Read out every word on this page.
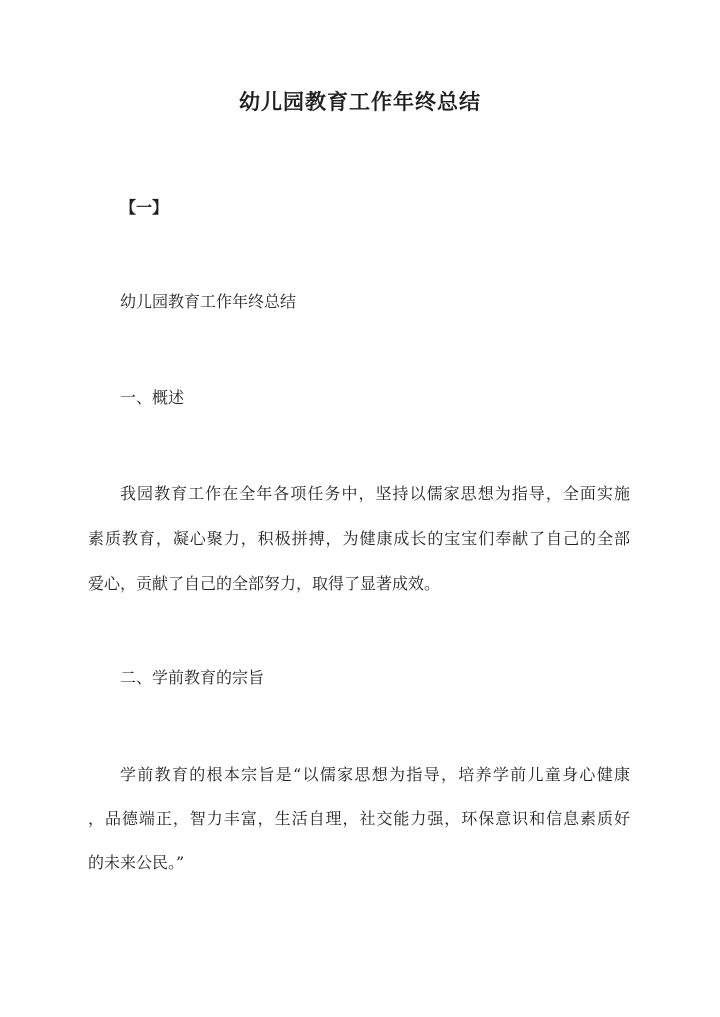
幼儿园教育工作年终总结
【一】
幼儿园教育工作年终总结
一、概述
我园教育工作在全年各项任务中，坚持以儒家思想为指导，全面实施
素质教育，凝心聚力，积极拼搏，为健康成长的宝宝们奉献了自己的全部
爱心，贡献了自己的全部努力，取得了显著成效。
二、学前教育的宗旨
学前教育的根本宗旨是“以儒家思想为指导，培养学前儿童身心健康
，品德端正，智力丰富，生活自理，社交能力强，环保意识和信息素质好
的未来公民。”
